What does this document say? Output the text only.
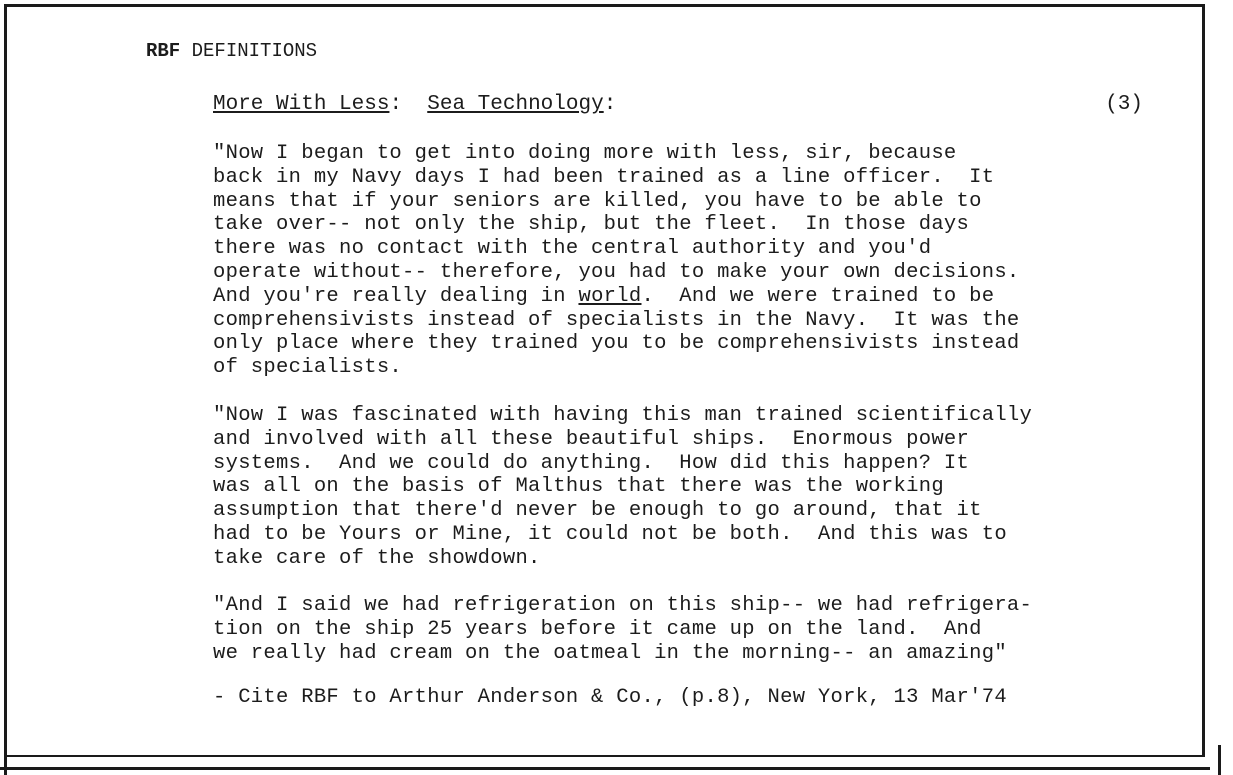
RBF DEFINITIONS
More With Less:  Sea Technology:	(3)
"Now I began to get into doing more with less, sir, because
back in my Navy days I had been trained as a line officer.  It
means that if your seniors are killed, you have to be able to
take over-- not only the ship, but the fleet.  In those days
there was no contact with the central authority and you'd
operate without-- therefore, you had to make your own decisions.
And you're really dealing in world.  And we were trained to be
comprehensivists instead of specialists in the Navy.  It was the
only place where they trained you to be comprehensivists instead
of specialists.
"Now I was fascinated with having this man trained scientifically
and involved with all these beautiful ships.  Enormous power
systems.  And we could do anything.  How did this happen? It
was all on the basis of Malthus that there was the working
assumption that there'd never be enough to go around, that it
had to be Yours or Mine, it could not be both.  And this was to
take care of the showdown.
"And I said we had refrigeration on this ship-- we had refrigera-
tion on the ship 25 years before it came up on the land.  And
we really had cream on the oatmeal in the morning-- an amazing"
- Cite RBF to Arthur Anderson & Co., (p.8), New York, 13 Mar'74
